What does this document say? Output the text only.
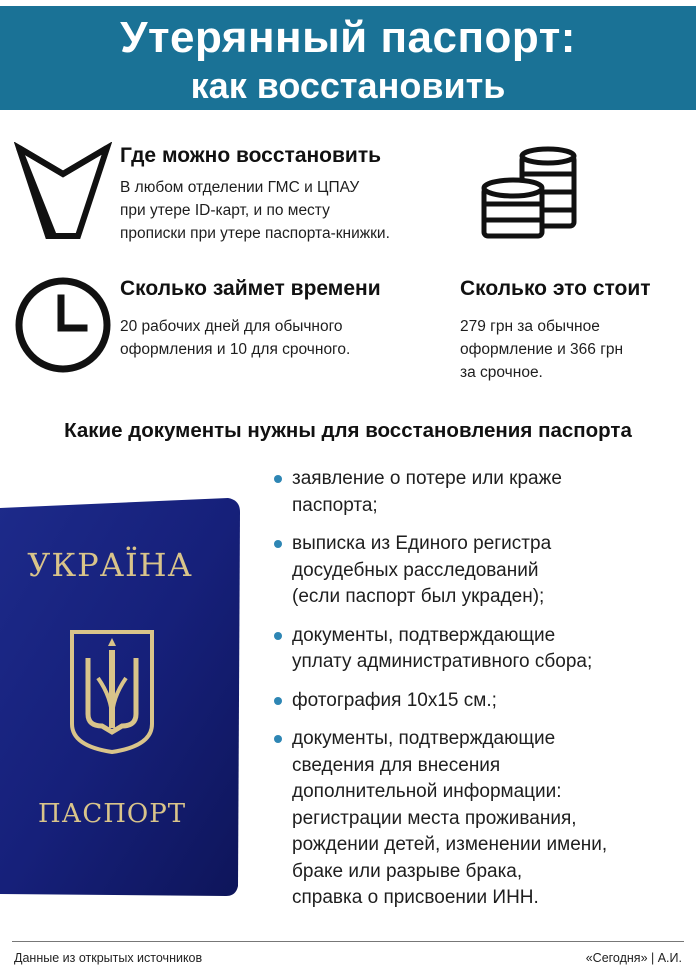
Утерянный паспорт:
как восстановить
Где можно восстановить
В любом отделении ГМС и ЦПАУ
при утере ID-карт, и по месту
прописки при утере паспорта-книжки.
Сколько займет времени
20 рабочих дней для обычного
оформления и 10 для срочного.
Сколько это стоит
279 грн за обычное
оформление и 366 грн
за срочное.
Какие документы нужны для восстановления паспорта
УКРАЇНА
ПАСПОРТ
заявление о потере или краже
паспорта;
выписка из Единого регистра
досудебных расследований
(если паспорт был украден);
документы, подтверждающие
уплату административного сбора;
фотография 10х15 см.;
документы, подтверждающие
сведения для внесения
дополнительной информации:
регистрации места проживания,
рождении детей, изменении имени,
браке или разрыве брака,
справка о присвоении ИНН.
Данные из открытых источников	«Сегодня» | А.И.
